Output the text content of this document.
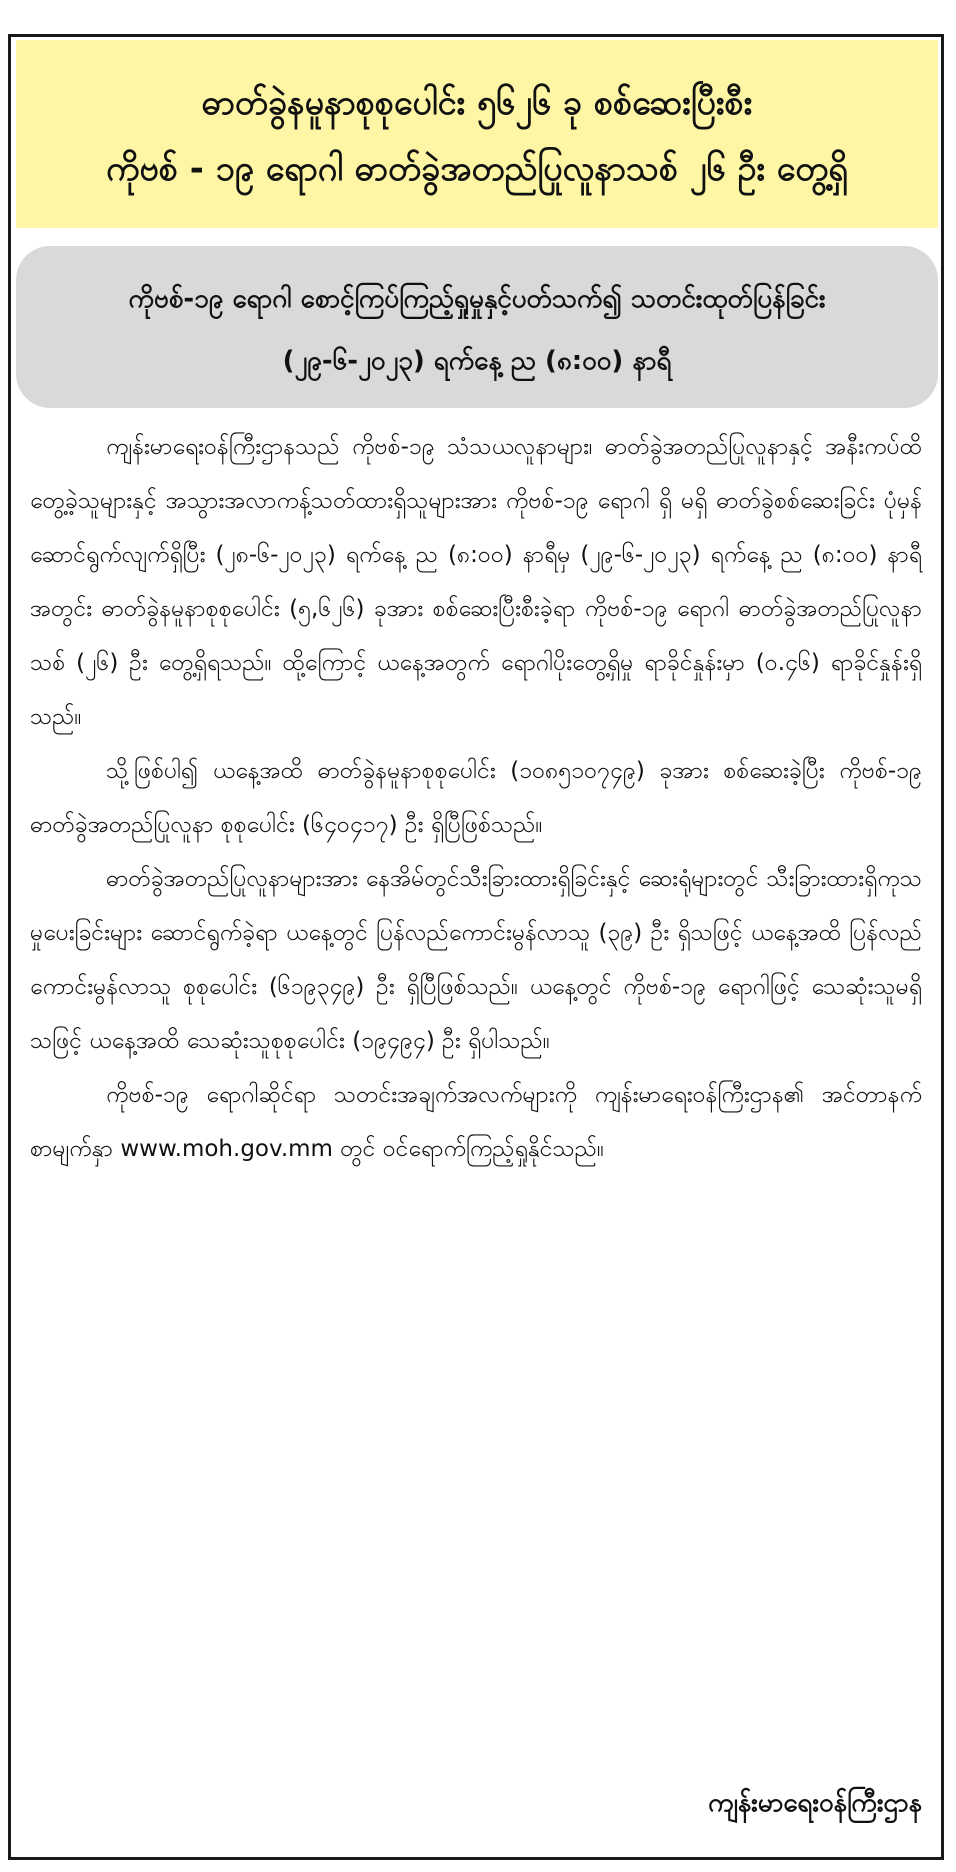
ဓာတ်ခွဲနမူနာစုစုပေါင်း ၅၆၂၆ ခု စစ်ဆေးပြီးစီး
ကိုဗစ် - ၁၉ ရောဂါ ဓာတ်ခွဲအတည်ပြုလူနာသစ် ၂၆ ဦး တွေ့ရှိ
ကိုဗစ်-၁၉ ရောဂါ စောင့်ကြပ်ကြည့်ရှုမှုနှင့်ပတ်သက်၍ သတင်းထုတ်ပြန်ခြင်း
(၂၉-၆-၂၀၂၃) ရက်နေ့ ည (၈:၀၀) နာရီ

ကျန်းမာရေးဝန်ကြီးဌာနသည် ကိုဗစ်-၁၉ သံသယလူနာများ၊ ဓာတ်ခွဲအတည်ပြုလူနာနှင့် အနီးကပ်ထိတွေ့ခဲ့သူများနှင့် အသွားအလာကန့်သတ်ထားရှိသူများအား ကိုဗစ်-၁၉ ရောဂါ ရှိ မရှိ ဓာတ်ခွဲစစ်ဆေးခြင်း ပုံမှန်ဆောင်ရွက်လျက်ရှိပြီး (၂၈-၆-၂၀၂၃) ရက်နေ့ ည (၈:၀၀) နာရီမှ (၂၉-၆-၂၀၂၃) ရက်နေ့ ည (၈:၀၀) နာရီအတွင်း ဓာတ်ခွဲနမူနာစုစုပေါင်း (၅,၆၂၆) ခုအား စစ်ဆေးပြီးစီးခဲ့ရာ ကိုဗစ်-၁၉ ရောဂါ ဓာတ်ခွဲအတည်ပြုလူနာသစ် (၂၆) ဦး တွေ့ရှိရသည်။ ထို့ကြောင့် ယနေ့အတွက် ရောဂါပိုးတွေ့ရှိမှု ရာခိုင်နှုန်းမှာ (၀.၄၆) ရာခိုင်နှုန်းရှိသည်။

သို့ဖြစ်ပါ၍ ယနေ့အထိ ဓာတ်ခွဲနမူနာစုစုပေါင်း (၁၀၈၅၁၀၇၄၉) ခုအား စစ်ဆေးခဲ့ပြီး ကိုဗစ်-၁၉ ဓာတ်ခွဲအတည်ပြုလူနာ စုစုပေါင်း (၆၄၀၄၁၇) ဦး ရှိပြီဖြစ်သည်။

ဓာတ်ခွဲအတည်ပြုလူနာများအား နေအိမ်တွင်သီးခြားထားရှိခြင်းနှင့် ဆေးရုံများတွင် သီးခြားထားရှိကုသမှုပေးခြင်းများ ဆောင်ရွက်ခဲ့ရာ ယနေ့တွင် ပြန်လည်ကောင်းမွန်လာသူ (၃၉) ဦး ရှိသဖြင့် ယနေ့အထိ ပြန်လည်ကောင်းမွန်လာသူ စုစုပေါင်း (၆၁၉၃၄၉) ဦး ရှိပြီဖြစ်သည်။ ယနေ့တွင် ကိုဗစ်-၁၉ ရောဂါဖြင့် သေဆုံးသူမရှိသဖြင့် ယနေ့အထိ သေဆုံးသူစုစုပေါင်း (၁၉၄၉၄) ဦး ရှိပါသည်။

ကိုဗစ်-၁၉ ရောဂါဆိုင်ရာ သတင်းအချက်အလက်များကို ကျန်းမာရေးဝန်ကြီးဌာန၏ အင်တာနက်စာမျက်နှာ www.moh.gov.mm တွင် ဝင်ရောက်ကြည့်ရှုနိုင်သည်။

ကျန်းမာရေးဝန်ကြီးဌာန
